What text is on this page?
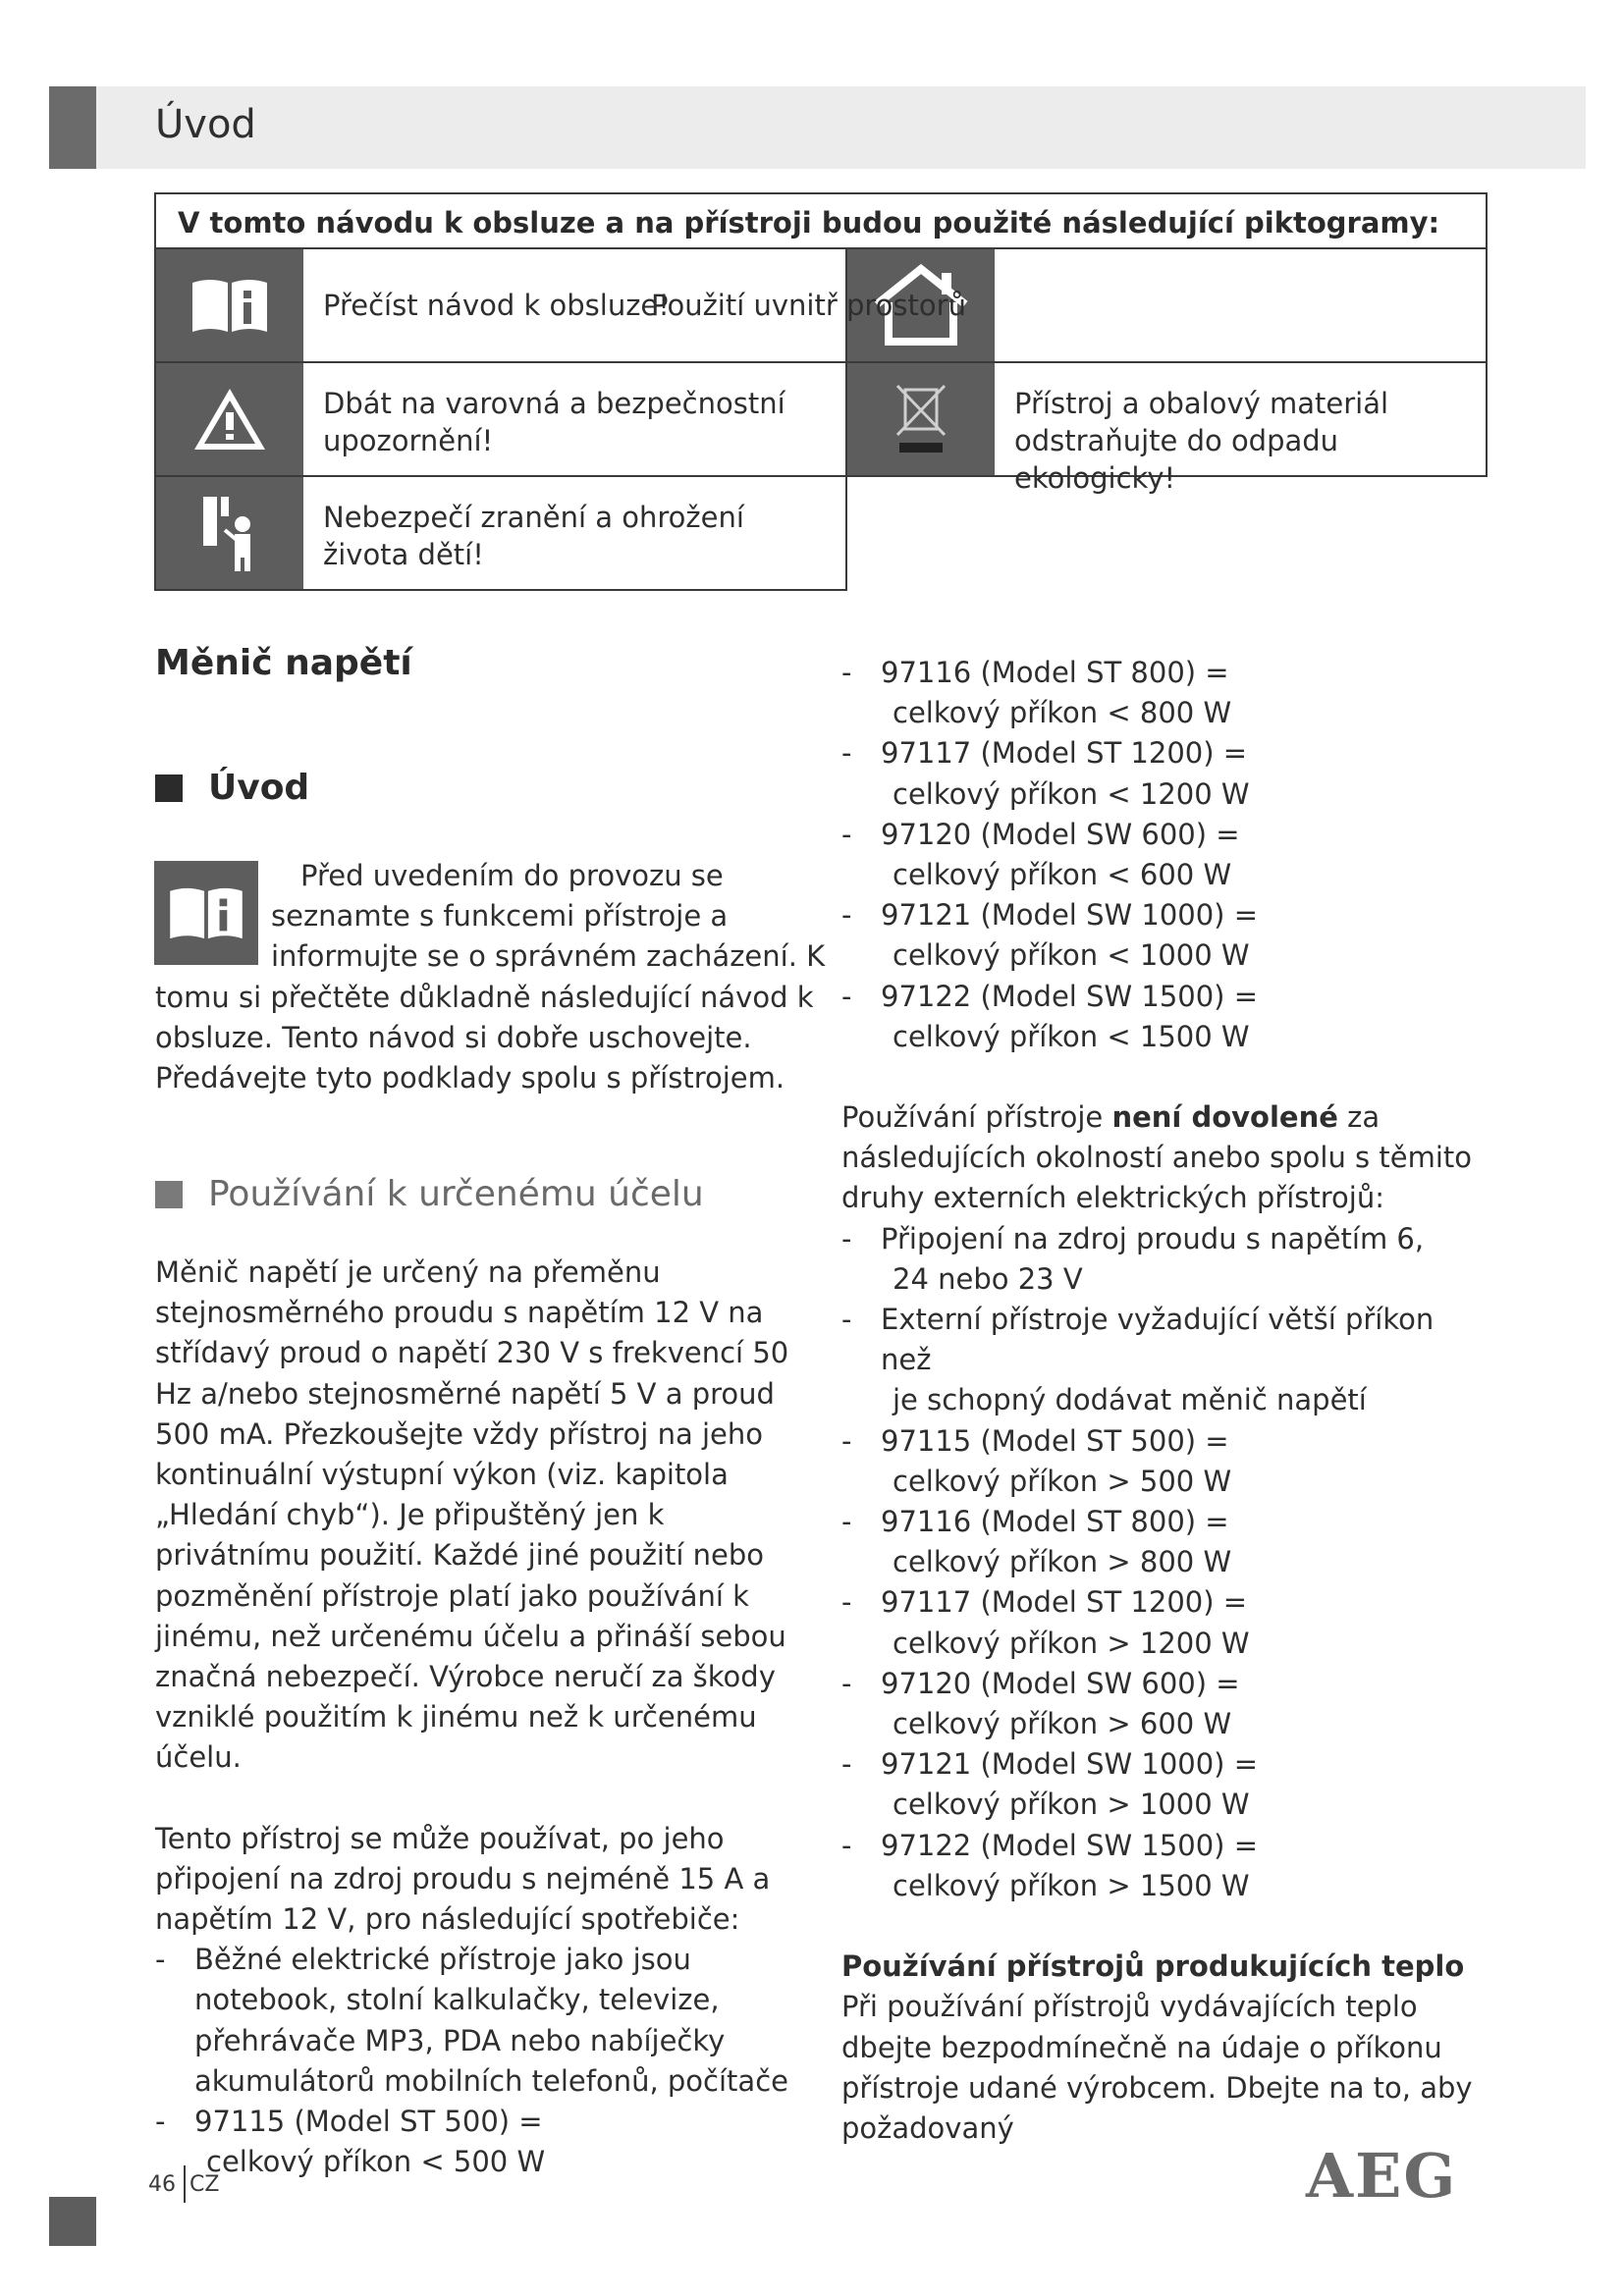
Úvod
V tomto návodu k obsluze a na přístroji budou použité následující piktogramy:
Přečíst návod k obsluze!
Použití uvnitř prostorů
Dbát na varovná a bezpečnostní upozornění!
Přístroj a obalový materiál odstraňujte do odpadu ekologicky!
Nebezpečí zranění a ohrožení života dětí!
Měnič napětí
Úvod

Před uvedením do provozu se seznamte s funkcemi přístroje a informujte se o správném zacházení. K tomu si přečtěte důkladně následující návod k obsluze. Tento návod si dobře uschovejte. Předávejte tyto podklady spolu s přístrojem.

Používání k určenému účelu

Měnič napětí je určený na přeměnu stejnosměrného proudu s napětím 12 V na střídavý proud o napětí 230 V s frekvencí 50 Hz a/nebo stejnosměrné napětí 5 V a proud 500 mA. Přezkoušejte vždy přístroj na jeho kontinuální výstupní výkon (viz. kapitola „Hledání chyb“). Je připuštěný jen k privátnímu použití. Každé jiné použití nebo pozměnění přístroje platí jako používání k jinému, než určenému účelu a přináší sebou značná nebezpečí. Výrobce neručí za škody vzniklé použitím k jinému než k určenému účelu.

Tento přístroj se může používat, po jeho připojení na zdroj proudu s nejméně 15 A a napětím 12 V, pro následující spotřebiče:

-	Běžné elektrické přístroje jako jsou notebook, stolní kalkulačky, televize, přehrávače MP3, PDA nebo nabíječky akumulátorů mobilních telefonů, počítače
-	97115 (Model ST 500) =
celkový příkon < 500 W
-	97116 (Model ST 800) =
celkový příkon < 800 W
-	97117 (Model ST 1200) =
celkový příkon < 1200 W
-	97120 (Model SW 600) =
celkový příkon < 600 W
-	97121 (Model SW 1000) =
celkový příkon < 1000 W
-	97122 (Model SW 1500) =
celkový příkon < 1500 W

Používání přístroje není dovolené za následujících okolností anebo spolu s těmito druhy externích elektrických přístrojů:

-	Připojení na zdroj proudu s napětím 6,
24 nebo 23 V
-	Externí přístroje vyžadující větší příkon než
je schopný dodávat měnič napětí
-	97115 (Model ST 500) =
celkový příkon > 500 W
-	97116 (Model ST 800) =
celkový příkon > 800 W
-	97117 (Model ST 1200) =
celkový příkon > 1200 W
-	97120 (Model SW 600) =
celkový příkon > 600 W
-	97121 (Model SW 1000) =
celkový příkon > 1000 W
-	97122 (Model SW 1500) =
celkový příkon > 1500 W

Používání přístrojů produkujících teplo

Při používání přístrojů vydávajících teplo dbejte bezpodmínečně na údaje o příkonu přístroje udané výrobcem. Dbejte na to, aby požadovaný

46 CZ	AEG
